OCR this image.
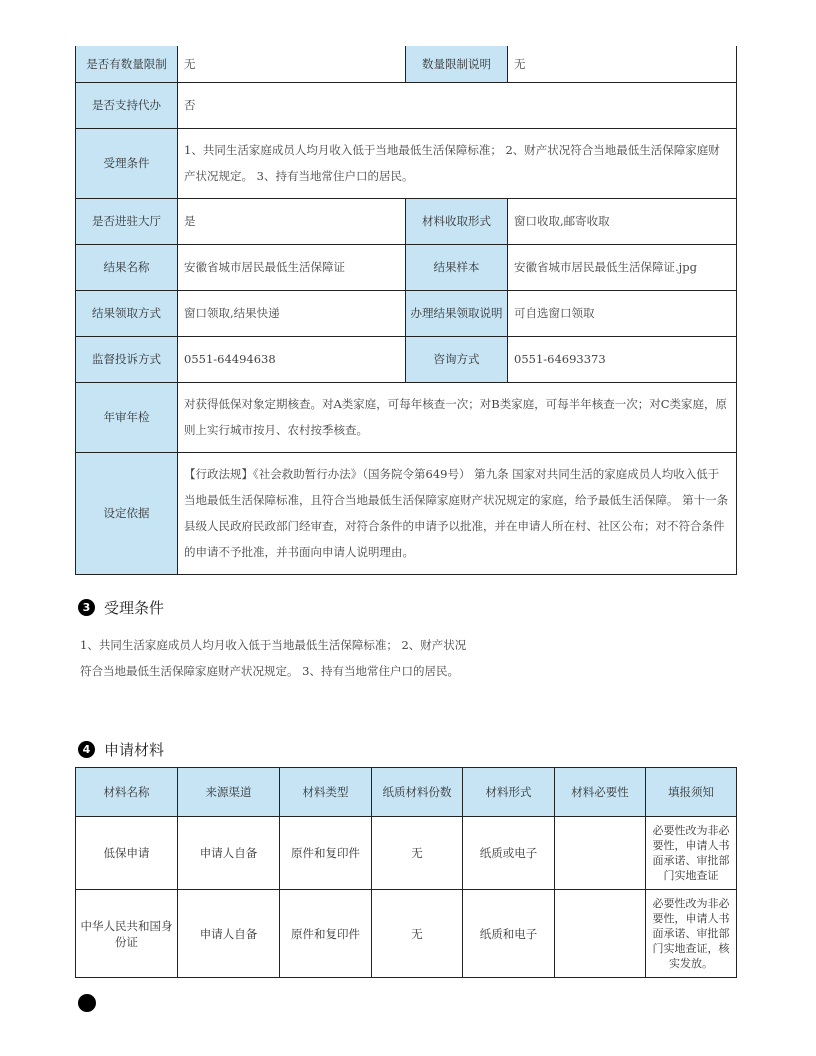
是否有数量限制	无	数量限制说明	无
是否支持代办	否		
受理条件	1、共同生活家庭成员人均月收入低于当地最低生活保障标准； 2、财产状况符合当地最低生活保障家庭财产状况规定。 3、持有当地常住户口的居民。		
是否进驻大厅	是	材料收取形式	窗口收取,邮寄收取
结果名称	安徽省城市居民最低生活保障证	结果样本	安徽省城市居民最低生活保障证.jpg
结果领取方式	窗口领取,结果快递	办理结果领取说明	可自选窗口领取
监督投诉方式	0551-64494638	咨询方式	0551-64693373
年审年检	对获得低保对象定期核查。对A类家庭，可每年核查一次；对B类家庭，可每半年核查一次；对C类家庭，原则上实行城市按月、农村按季核查。		
设定依据	【行政法规】《社会救助暂行办法》（国务院令第649号） 第九条 国家对共同生活的家庭成员人均收入低于当地最低生活保障标准，且符合当地最低生活保障家庭财产状况规定的家庭，给予最低生活保障。 第十一条 县级人民政府民政部门经审查，对符合条件的申请予以批准，并在申请人所在村、社区公布；对不符合条件的申请不予批准，并书面向申请人说明理由。		
3 受理条件
1、共同生活家庭成员人均月收入低于当地最低生活保障标准； 2、财产状况符合当地最低生活保障家庭财产状况规定。 3、持有当地常住户口的居民。
4 申请材料
材料名称	来源渠道	材料类型	纸质材料份数	材料形式	材料必要性	填报须知
低保申请	申请人自备	原件和复印件	无	纸质或电子		必要性改为非必要性，申请人书面承诺、审批部门实地查证
中华人民共和国身份证	申请人自备	原件和复印件	无	纸质和电子		必要性改为非必要性，申请人书面承诺、审批部门实地查证，核实发放。
